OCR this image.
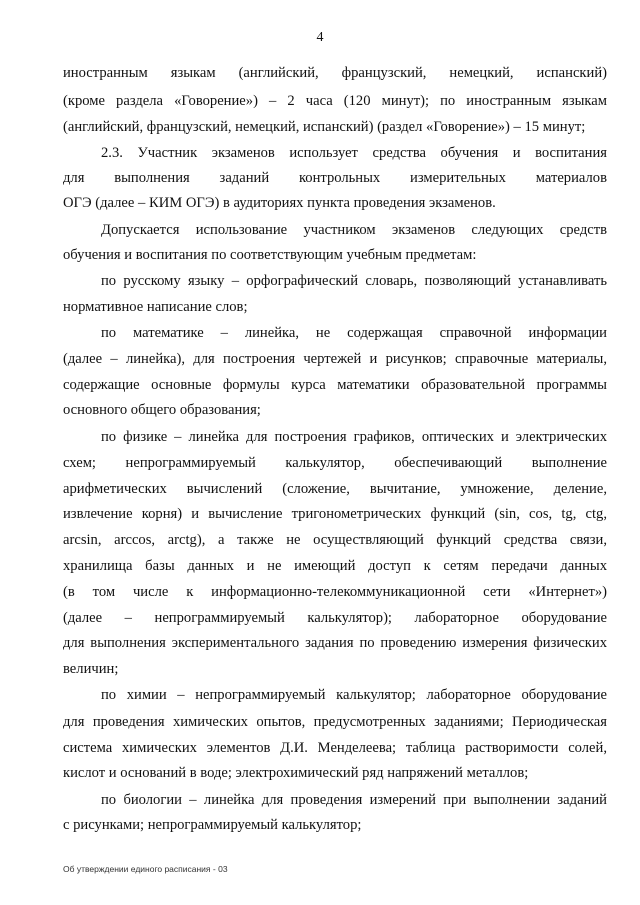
4
иностранным языкам (английский, французский, немецкий, испанский)
(кроме раздела «Говорение») – 2 часа (120 минут); по иностранным языкам
(английский, французский, немецкий, испанский) (раздел «Говорение») – 15 минут;
2.3. Участник экзаменов использует средства обучения и воспитания
для выполнения заданий контрольных измерительных материалов
ОГЭ (далее – КИМ ОГЭ) в аудиториях пункта проведения экзаменов.
Допускается использование участником экзаменов следующих средств
обучения и воспитания по соответствующим учебным предметам:
по русскому языку – орфографический словарь, позволяющий устанавливать
нормативное написание слов;
по математике – линейка, не содержащая справочной информации
(далее – линейка), для построения чертежей и рисунков; справочные материалы,
содержащие основные формулы курса математики образовательной программы
основного общего образования;
по физике – линейка для построения графиков, оптических и электрических
схем; непрограммируемый калькулятор, обеспечивающий выполнение
арифметических вычислений (сложение, вычитание, умножение, деление,
извлечение корня) и вычисление тригонометрических функций (sin, cos, tg, ctg,
arcsin, arccos, arctg), а также не осуществляющий функций средства связи,
хранилища базы данных и не имеющий доступ к сетям передачи данных
(в том числе к информационно-телекоммуникационной сети «Интернет»)
(далее – непрограммируемый калькулятор); лабораторное оборудование
для выполнения экспериментального задания по проведению измерения физических
величин;
по химии – непрограммируемый калькулятор; лабораторное оборудование
для проведения химических опытов, предусмотренных заданиями; Периодическая
система химических элементов Д.И. Менделеева; таблица растворимости солей,
кислот и оснований в воде; электрохимический ряд напряжений металлов;
по биологии – линейка для проведения измерений при выполнении заданий
с рисунками; непрограммируемый калькулятор;
Об утверждении единого расписания - 03
